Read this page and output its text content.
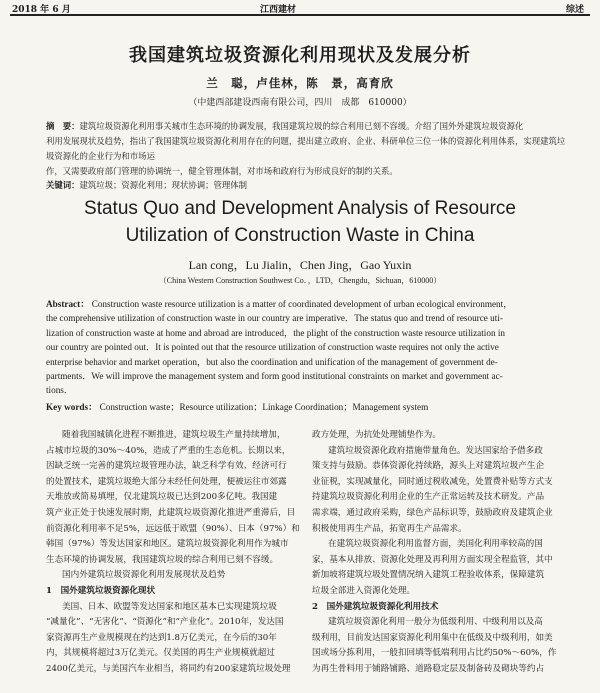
2018 年 6 月	江西建材	综述
我国建筑垃圾资源化利用现状及发展分析
兰　聪，卢佳林，陈　景，高育欣
（中建西部建设西南有限公司，四川　成都　610000）
摘　要：建筑垃圾资源化利用事关城市生态环境的协调发展，我国建筑垃圾的综合利用已刻不容缓。介绍了国外外建筑垃圾资源化
利用发展现状及趋势，指出了我国建筑垃圾资源化利用存在的问题，提出建立政府、企业、科研单位三位一体的资源化利用体系，实现建筑垃圾资源化的企业行为和市场运
作，又需要政府部门管理的协调统一，健全管理体制，对市场和政府行为形成良好的制约关系。
关键词：建筑垃圾；资源化利用；现状协调；管理体制
Status Quo and Development Analysis of Resource
Utilization of Construction Waste in China
Lan cong，Lu Jialin，Chen Jing，Gao Yuxin
（China Western Construction Southwest Co．，LTD，Chengdu，Sichuan，610000）
Abstract： Construction waste resource utilization is a matter of coordinated development of urban ecological environment，
the comprehensive utilization of construction waste in our country are imperative．The status quo and trend of resource uti-
lization of construction waste at home and abroad are introduced，the plight of the construction waste resource utilization in
our country are pointed out．It is pointed out that the resource utilization of construction waste requires not only the active
enterprise behavior and market operation，but also the coordination and unification of the management of government de-
partments．We will improve the management system and form good institutional constraints on market and government ac-
tions．
Key words： Construction waste；Resource utilization；Linkage Coordination；Management system
随着我国城镇化进程不断推进，建筑垃圾生产量持续增加，
占城市垃圾的30%～40%，造成了严重的生态危机。长期以来，
因缺乏统一完善的建筑垃圾管理办法，缺乏科学有效、经济可行
的处置技术，建筑垃圾绝大部分未经任何处理，便被运往市郊露
天堆放或简易填埋，仅北建筑垃圾已达到200多亿吨。我国建
筑产业正处于快速发展时期，此建筑垃圾资源化推进严重滞后，目
前资源化利用率不足5%，远远低于欧盟（90%）、日本（97%）和
韩国（97%）等发达国家和地区。建筑垃圾资源化利用作为城市
生态环境的协调发展，我国建筑垃圾的综合利用已刻不容缓。
国内外建筑垃圾资源化利用发展现状及趋势
1　国外建筑垃圾资源化现状
美国、日本、欧盟等发达国家和地区基本已实现建筑垃圾
“减量化”、“无害化”、“资源化”和“产业化”。2010年，发达国
家资源再生产业规模现在约达到1.8万亿美元，在今后的30年
内，其规模将超过3万亿美元。仅美国的再生产业规模就超过
2400亿美元，与美国汽车业相当，将同约有200家建筑垃圾处理
政方处理，为抗处处理铺垫作为。
建筑垃圾资源化政府措施带量角色。发达国家给予借多政
策支持与鼓励。恭体资源化持续路，源头上对建筑垃圾产生企
业征税，实现减量化，同时通过税收减免，处置费补贴等方式支
持建筑垃圾资源化利用企业的生产正常运转及技术研发。产品
需求端，通过政府采购，绿色产品标识等，鼓励政府及建筑企业
积极使用再生产品，拓宽再生产品需求。
在建筑垃圾资源化利用监督方面，美国化利用率较高的国
家，基本从排放、资源化处理及再利用方面实现全程监管，其中
新加坡将建筑垃圾处置情况纳入建筑工程验收体系，保障建筑
垃圾全部进入资源化处理。
2　国外建筑垃圾资源化利用技术
建筑垃圾资源化利用一般分为低级利用、中级利用以及高
级利用，目前发达国家资源化利用集中在低级及中级利用，如美
国或场分拣利用，一般扣回填等低端利用占比约50%～60%，作
为再生骨料用于铺路铺路、道路稳定层及制备砖及砌块等约占
